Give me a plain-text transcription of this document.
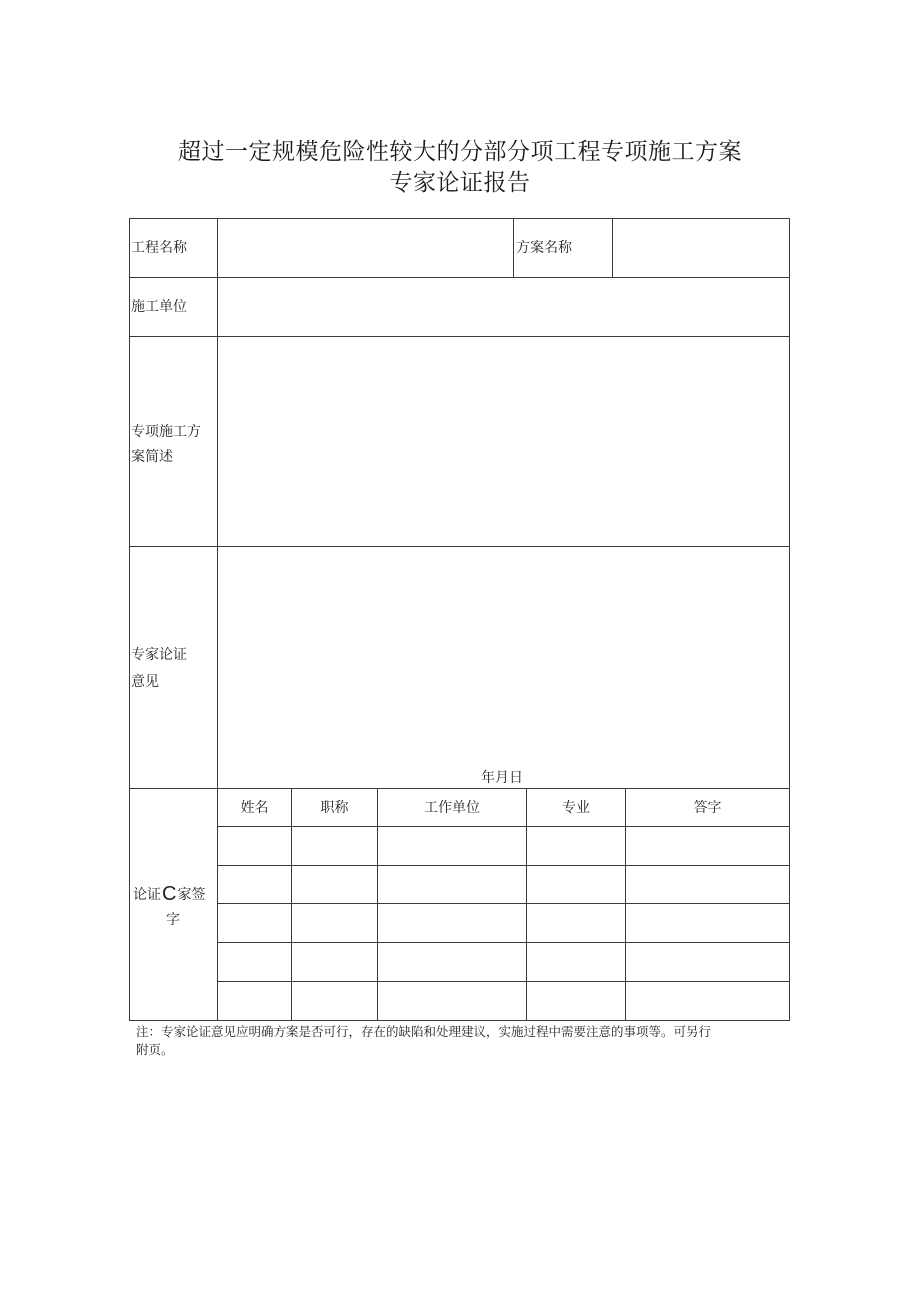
超过一定规模危险性较大的分部分项工程专项施工方案
专家论证报告
工程名称	方案名称
施工单位
专项施工方
案简述
专家论证
意见
年月日
论证C家签
字
姓名	职称	工作单位	专业	答字
注：专家论证意见应明确方案是否可行，存在的缺陷和处理建议，实施过程中需要注意的事项等。可另行
附页。
